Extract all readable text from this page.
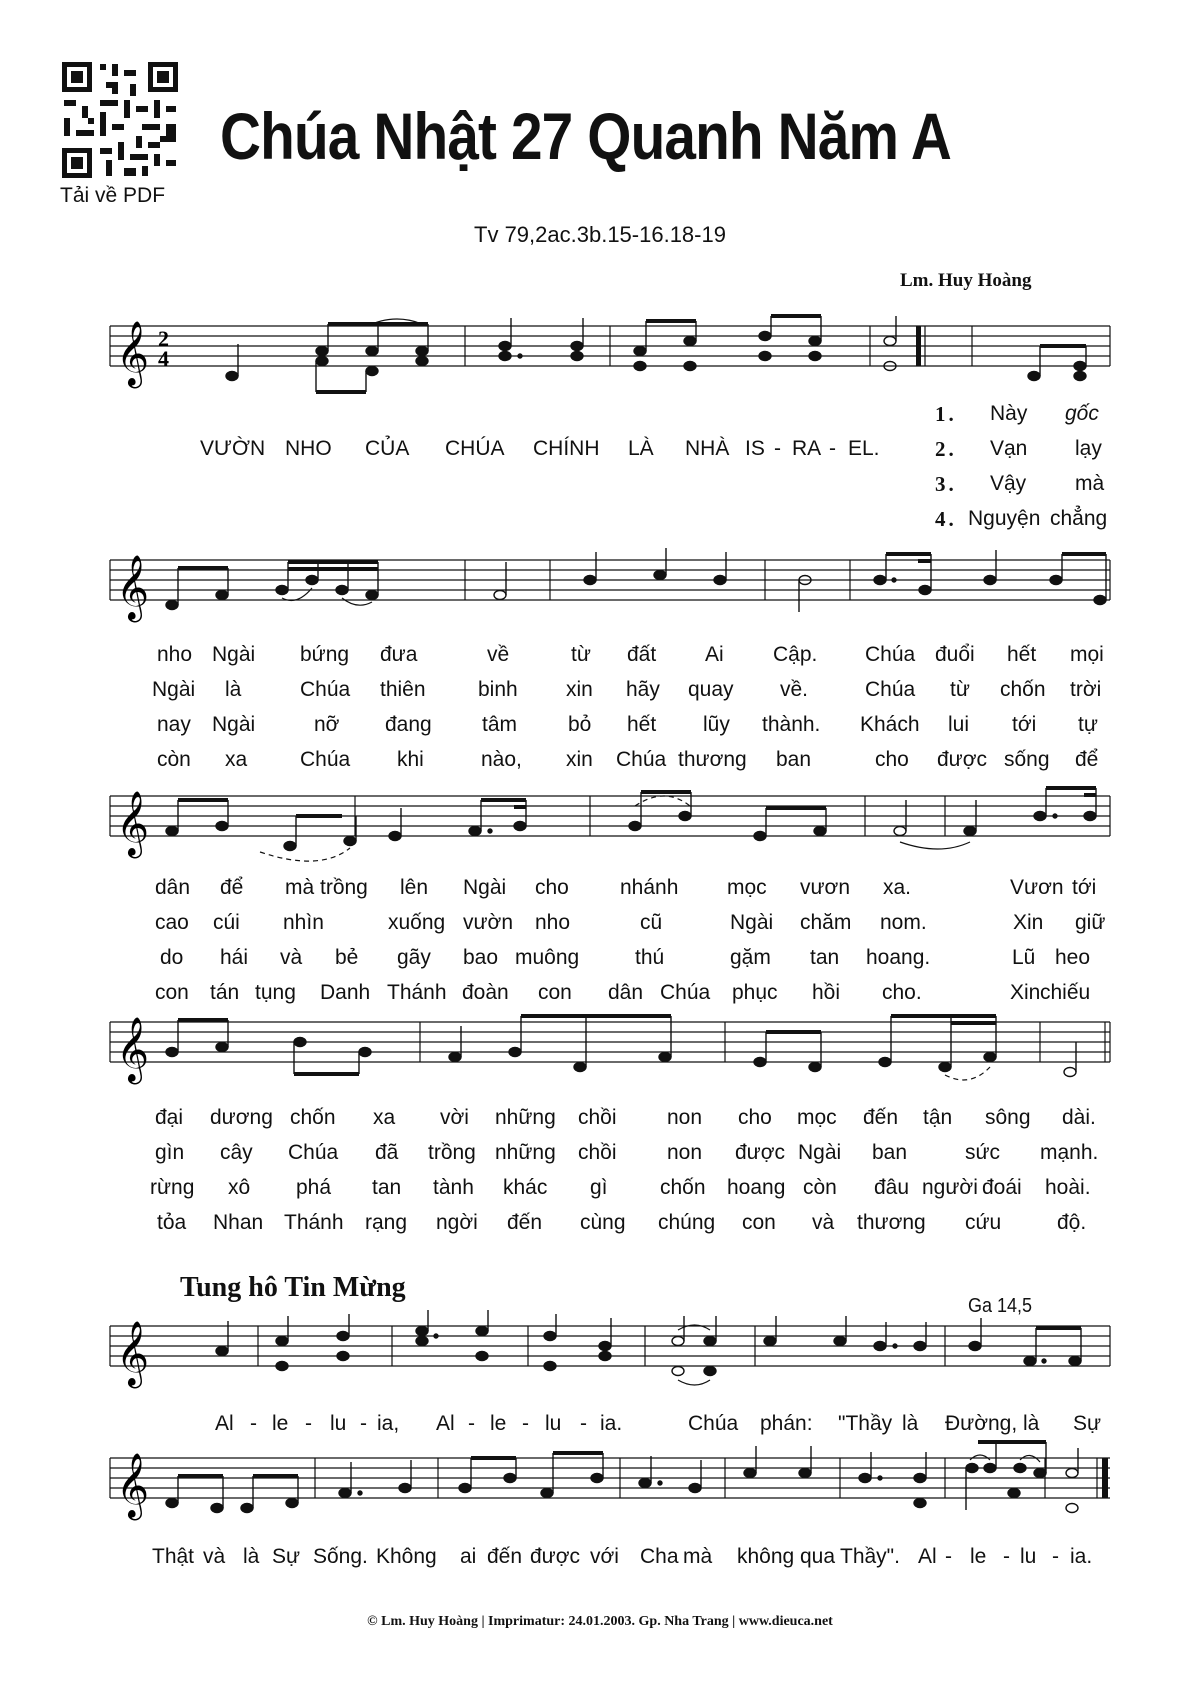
Tải về PDF
Chúa Nhật 27 Quanh Năm A
Tv 79,2ac.3b.15-16.18-19
Lm. Huy Hoàng
𝄞 2
4
VƯỜN NHO CỦA CHÚA CHÍNH LÀ NHÀ IS - RA - EL.
1. Này gốc
2. Vạn lạy
3. Vậy mà
4. Nguyện chẳng
𝄞
nho Ngài bứng đưa	về	từ đất Ai Cập. Chúa đuổi hết mọi
Ngài là	Chúa thiên binh xin hãy quay về.	Chúa từ chốn trời
nay Ngài	nỡ đang tâm bỏ hết lũy thành. Khách lui tới tự
còn xa	Chúa khi	nào, xin Chúa thương ban	cho được sống để
𝄞
dân để mà trồng lên Ngài cho nhánh mọc vươn xa.	Vươn tới
cao cúi nhìn	xuống vườn nho	cũ	Ngài chăm nom.	Xin giữ
do hái và bẻ gãy bao muông	thú	gặm tan hoang.	Lũ heo
con tán tụng Danh Thánh đoàn con dân Chúa phục hồi cho.	Xin chiếu
𝄞
đại dương chốn xa vời những chồi non cho mọc đến tận sông dài.
gìn cây Chúa đã trồng những chồi non được Ngài ban	sức mạnh.
rừng xô phá tan tành khác gì chốn hoang còn đâu người đoái hoài.
tỏa Nhan Thánh rạng ngời đến cùng chúng con và thương cứu	độ.
Tung hô Tin Mừng
Ga 14,5
𝄞
Al - le - lu - ia, Al - le - lu - ia.	Chúa phán: "Thầy là Đường, là Sự
𝄞
Thật và là Sự Sống. Không ai đến được với Cha mà không qua Thầy". Al - le - lu - ia.
© Lm. Huy Hoàng | Imprimatur: 24.01.2003. Gp. Nha Trang | www.dieuca.net
